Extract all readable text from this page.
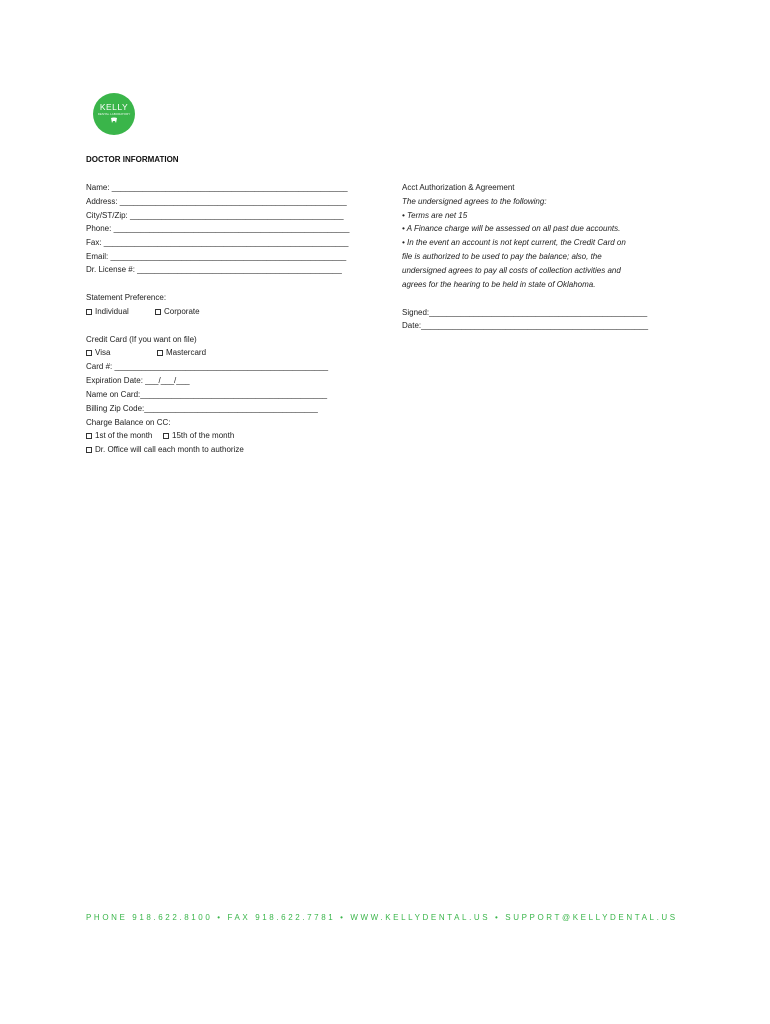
KELLY
DENTAL LABORATORY
DOCTOR INFORMATION
Name: _____________________________________________________
Address: ___________________________________________________
City/ST/Zip: ________________________________________________
Phone: _____________________________________________________
Fax: _______________________________________________________
Email: _____________________________________________________
Dr. License #: ______________________________________________
Statement Preference:
Individual	Corporate
Credit Card (If you want on file)
Visa	Mastercard
Card #: ________________________________________________
Expiration Date: ___/___/___
Name on Card:__________________________________________
Billing Zip Code:_______________________________________
Charge Balance on CC:
1st of the month	15th of the month
Dr. Office will call each month to authorize
Acct Authorization & Agreement
The undersigned agrees to the following:
• Terms are net 15
• A Finance charge will be assessed on all past due accounts.
• In the event an account is not kept current, the Credit Card on
file is authorized to be used to pay the balance; also, the
undersigned agrees to pay all costs of collection activities and
agrees for the hearing to be held in state of Oklahoma.
Signed:_________________________________________________
Date:___________________________________________________
PHONE 918.622.8100 • FAX 918.622.7781 • WWW.KELLYDENTAL.US • SUPPORT@KELLYDENTAL.US
